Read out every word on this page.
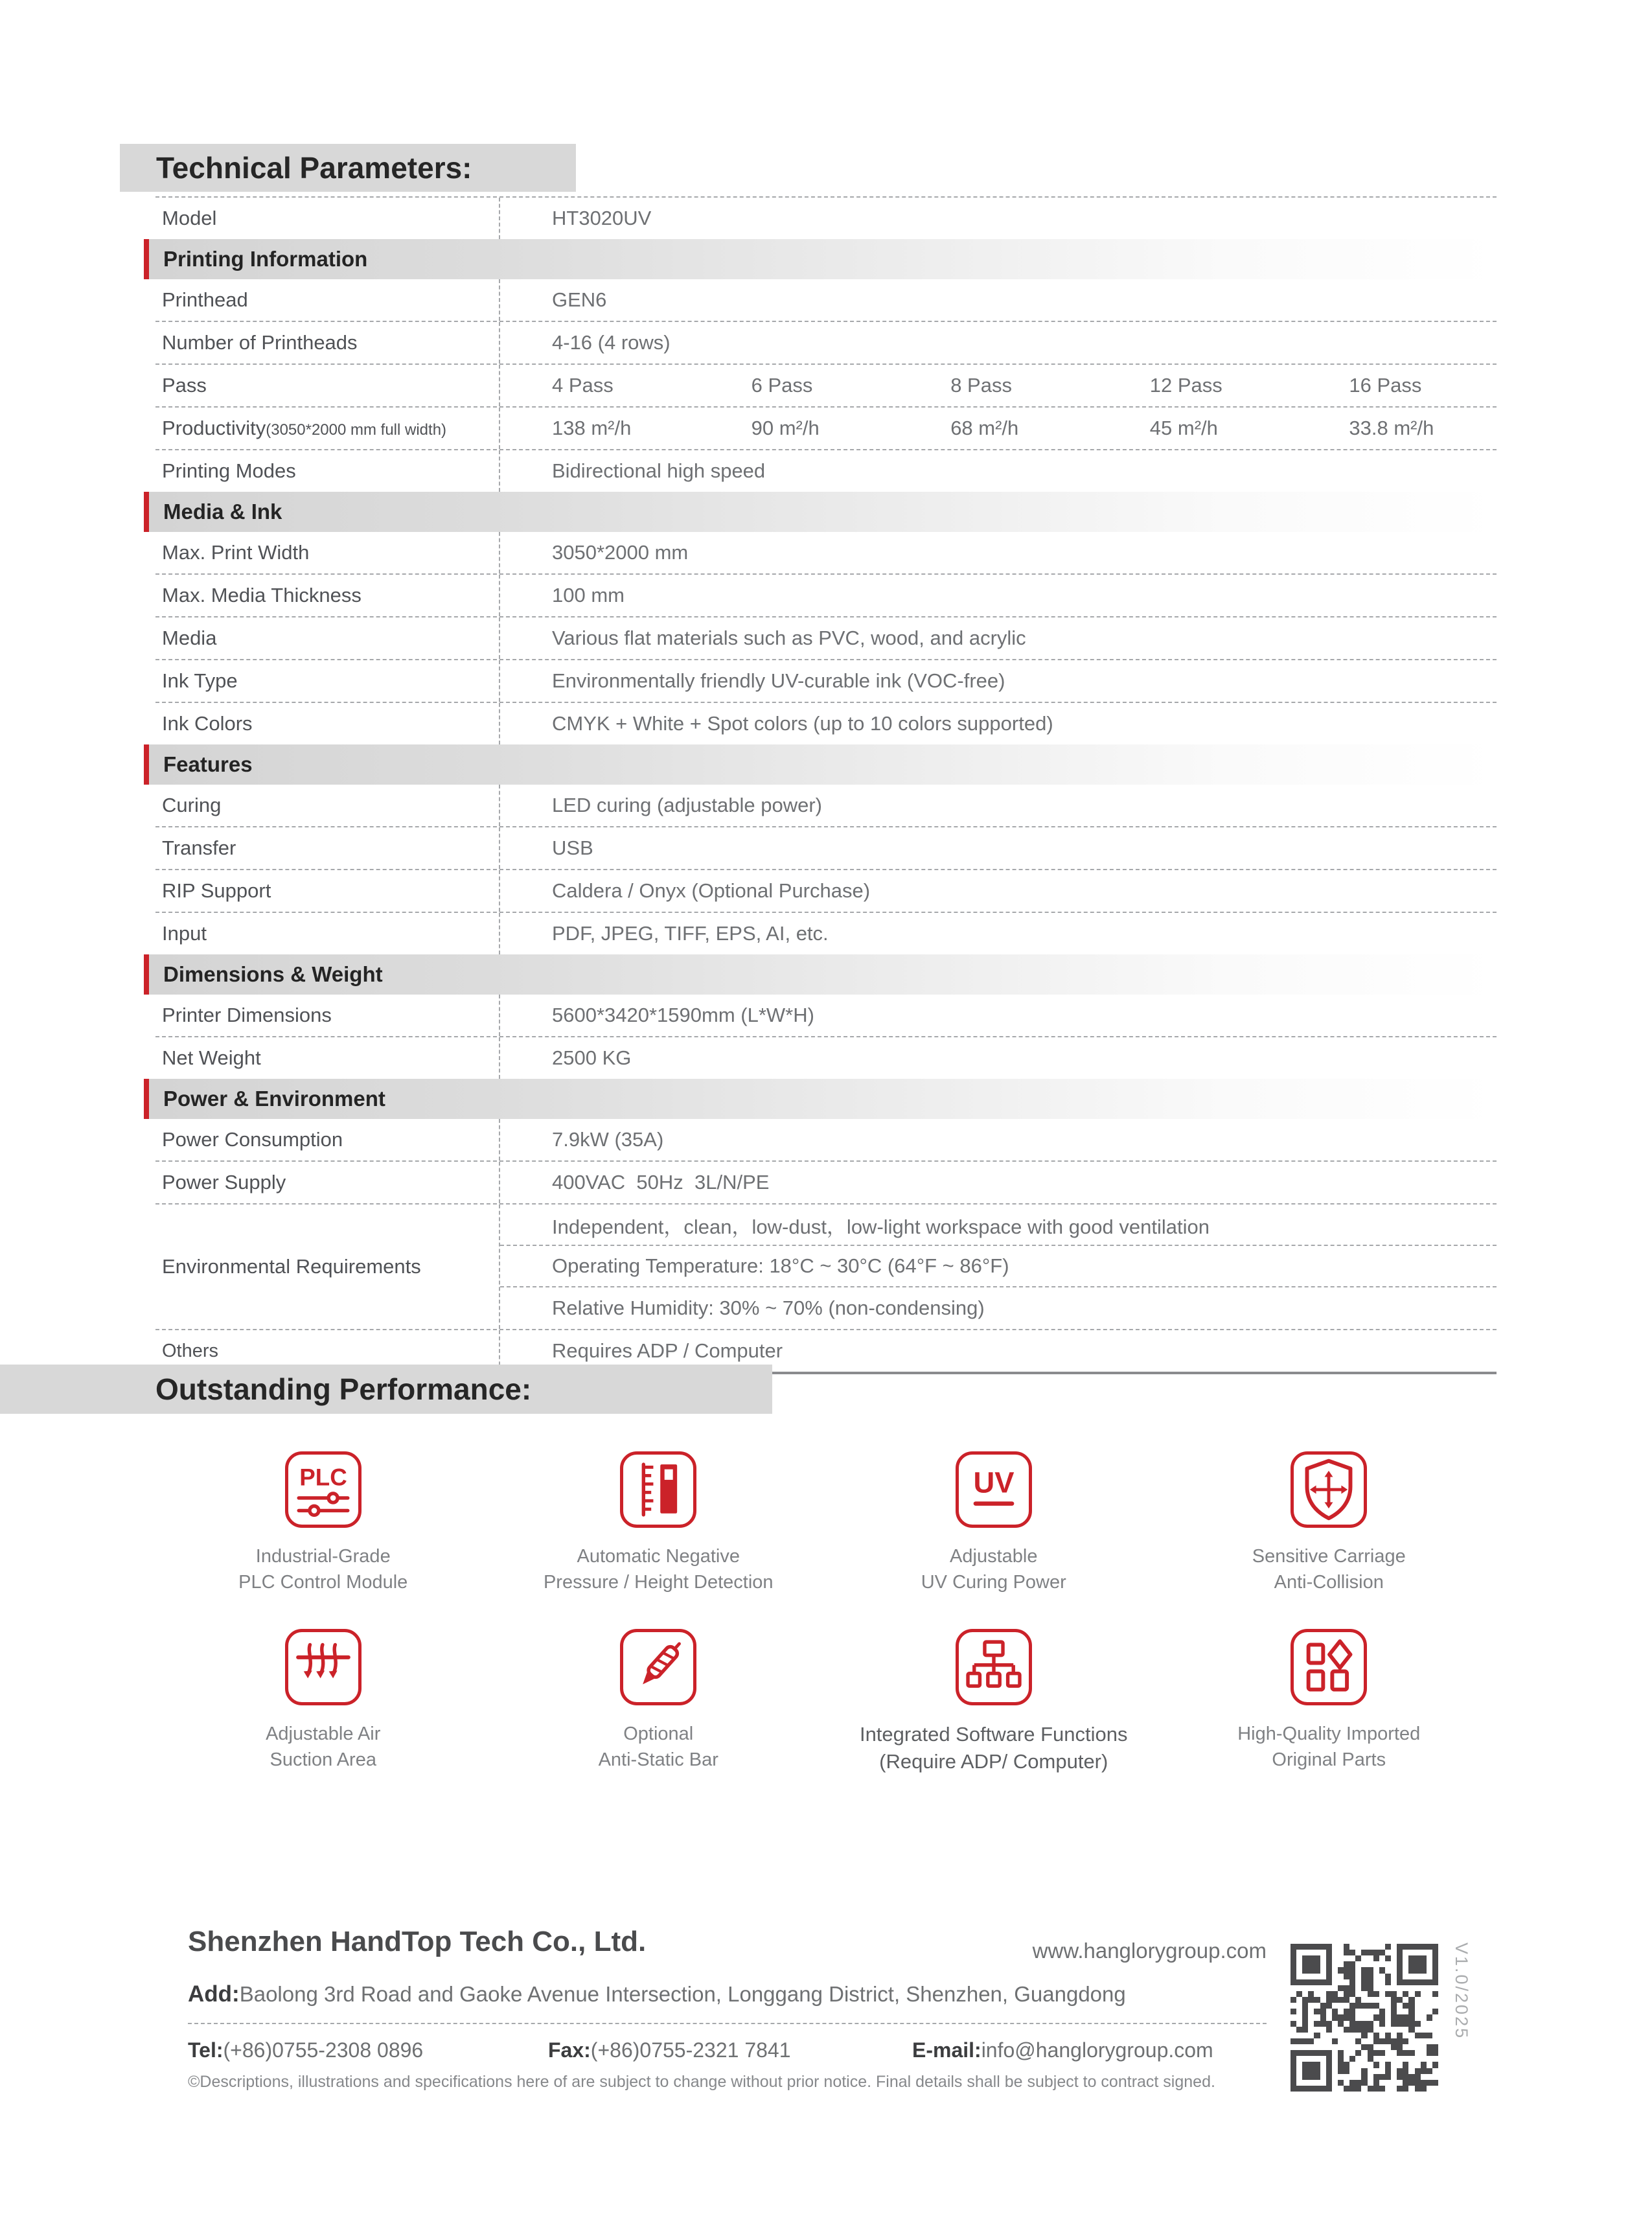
Technical Parameters:
Model	HT3020UV
Printing Information
Printhead	GEN6
Number of Printheads	4-16 (4 rows)
Pass	4 Pass	6 Pass	8 Pass	12 Pass	16 Pass
Productivity(3050*2000 mm full width)	138 m²/h	90 m²/h	68 m²/h	45 m²/h	33.8 m²/h
Printing Modes	Bidirectional high speed
Media & Ink
Max. Print Width	3050*2000 mm
Max. Media Thickness	100 mm
Media	Various flat materials such as PVC, wood, and acrylic
Ink Type	Environmentally friendly UV-curable ink (VOC-free)
Ink Colors	CMYK + White + Spot colors (up to 10 colors supported)
Features
Curing	LED curing (adjustable power)
Transfer	USB
RIP Support	Caldera / Onyx (Optional Purchase)
Input	PDF, JPEG, TIFF, EPS, AI, etc.
Dimensions & Weight
Printer Dimensions	5600*3420*1590mm (L*W*H)
Net Weight	2500 KG
Power & Environment
Power Consumption	7.9kW (35A)
Power Supply	400VAC  50Hz  3L/N/PE
Environmental Requirements
Independent，clean，low-dust，low-light workspace with good ventilation
Operating Temperature: 18°C ~ 30°C (64°F ~ 86°F)
Relative Humidity: 30% ~ 70% (non-condensing)
Others	Requires ADP / Computer
Outstanding Performance:
PLC
Industrial-Grade
PLC Control Module
Automatic Negative
Pressure / Height Detection
UV
Adjustable
UV Curing Power
Sensitive Carriage
Anti-Collision
Adjustable Air
Suction Area
Optional
Anti-Static Bar
Integrated Software Functions
(Require ADP/ Computer)
High-Quality Imported
Original Parts
Shenzhen HandTop Tech Co., Ltd.	www.hanglorygroup.com
Add:Baolong 3rd Road and Gaoke Avenue Intersection, Longgang District, Shenzhen, Guangdong
Tel:(+86)0755-2308 0896	Fax:(+86)0755-2321 7841	E-mail:info@hanglorygroup.com
©Descriptions, illustrations and specifications here of are subject to change without prior notice. Final details shall be subject to contract signed.
V1.0/2025
